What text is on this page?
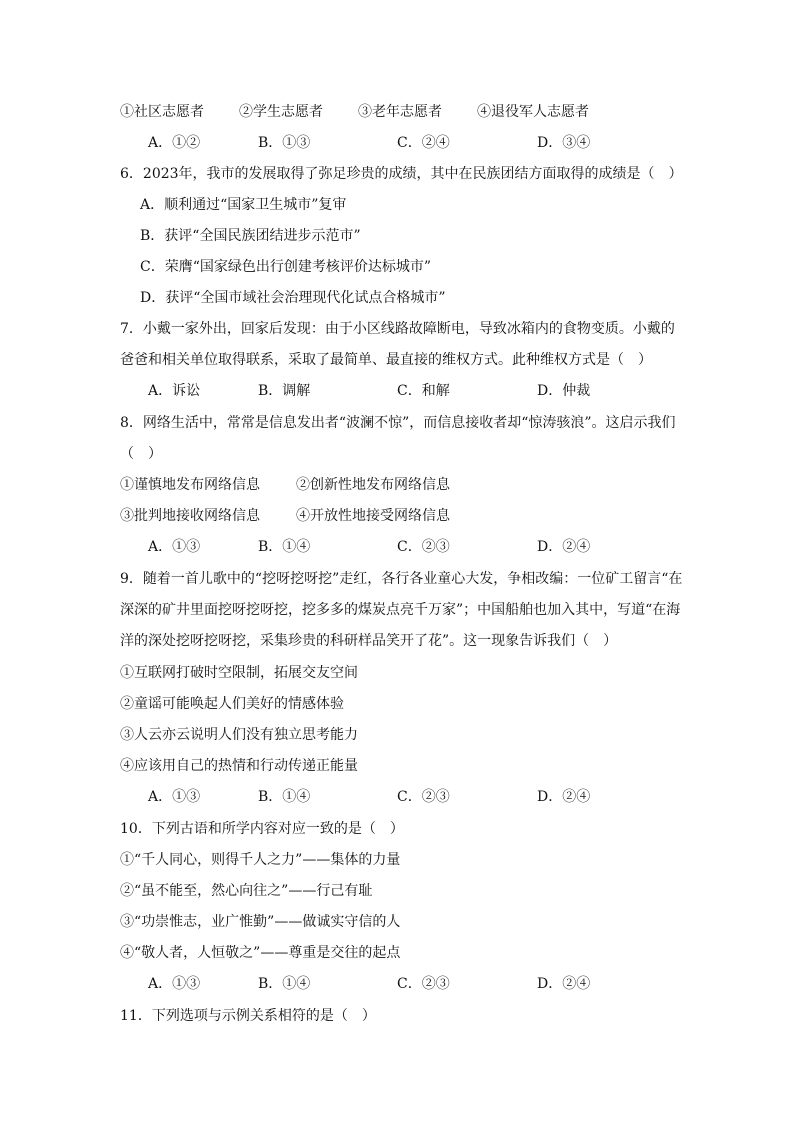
①社区志愿者	②学生志愿者	③老年志愿者	④退役军人志愿者
A．①②	B．①③	C．②④	D．③④
6．2023年，我市的发展取得了弥足珍贵的成绩，其中在民族团结方面取得的成绩是（　）
A．顺利通过“国家卫生城市”复审
B．获评“全国民族团结进步示范市”
C．荣膺“国家绿色出行创建考核评价达标城市”
D．获评“全国市域社会治理现代化试点合格城市”
7．小戴一家外出，回家后发现：由于小区线路故障断电，导致冰箱内的食物变质。小戴的
爸爸和相关单位取得联系，采取了最简单、最直接的维权方式。此种维权方式是（　）
A．诉讼	B．调解	C．和解	D．仲裁
8．网络生活中，常常是信息发出者“波澜不惊”，而信息接收者却“惊涛骇浪”。这启示我们
（　）
①谨慎地发布网络信息	②创新性地发布网络信息
③批判地接收网络信息	④开放性地接受网络信息
A．①③	B．①④	C．②③	D．②④
9．随着一首儿歌中的“挖呀挖呀挖”走红，各行各业童心大发，争相改编：一位矿工留言“在
深深的矿井里面挖呀挖呀挖，挖多多的煤炭点亮千万家”；中国船舶也加入其中，写道“在海
洋的深处挖呀挖呀挖，采集珍贵的科研样品笑开了花”。这一现象告诉我们（　）
①互联网打破时空限制，拓展交友空间
②童谣可能唤起人们美好的情感体验
③人云亦云说明人们没有独立思考能力
④应该用自己的热情和行动传递正能量
A．①③	B．①④	C．②③	D．②④
10．下列古语和所学内容对应一致的是（　）
①“千人同心，则得千人之力”——集体的力量
②“虽不能至，然心向往之”——行己有耻
③“功崇惟志，业广惟勤”——做诚实守信的人
④“敬人者，人恒敬之”——尊重是交往的起点
A．①③	B．①④	C．②③	D．②④
11．下列选项与示例关系相符的是（　）
